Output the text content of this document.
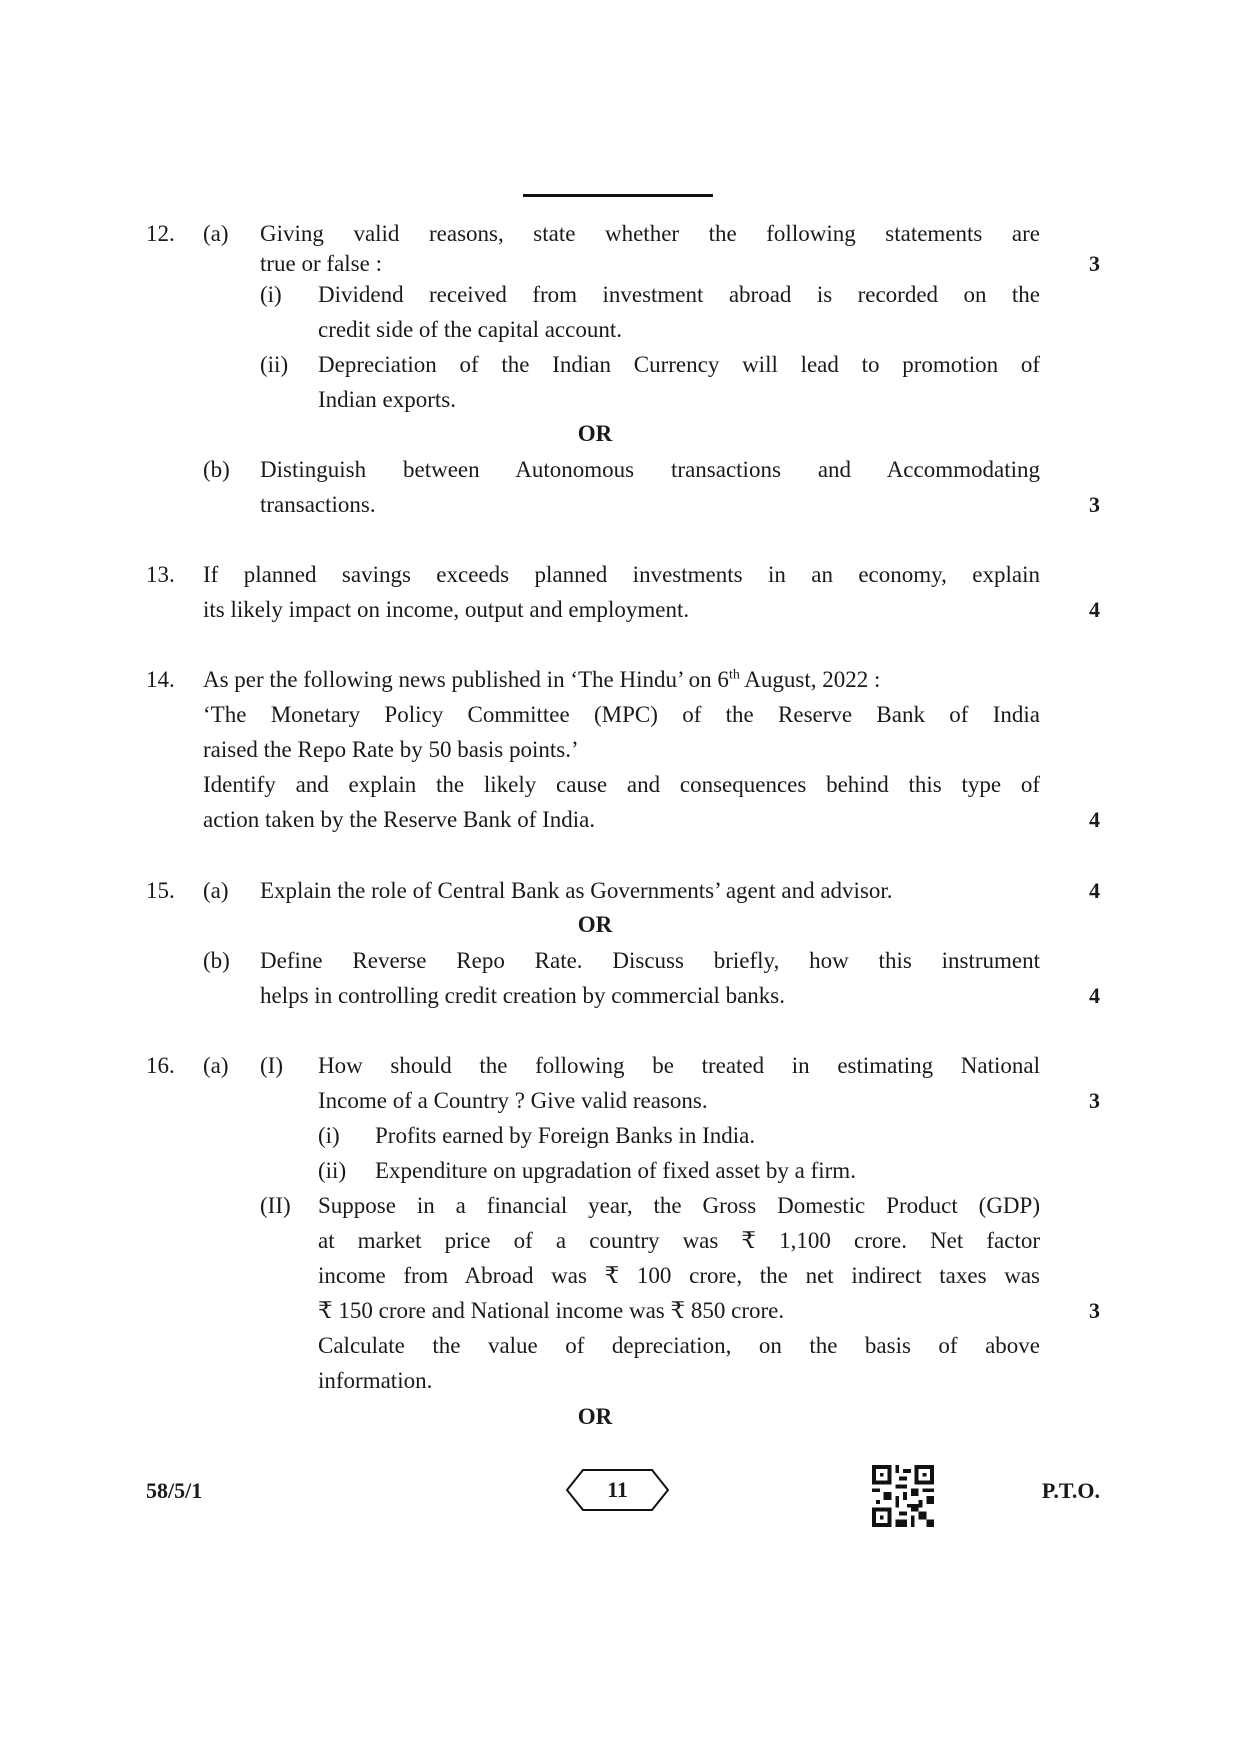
12. (a) Giving valid reasons, state whether the following statements are
true or false :	3
(i) Dividend received from investment abroad is recorded on the
credit side of the capital account.
(ii) Depreciation of the Indian Currency will lead to promotion of
Indian exports.
OR
(b) Distinguish between Autonomous transactions and Accommodating
transactions.	3
13. If planned savings exceeds planned investments in an economy, explain
its likely impact on income, output and employment.	4
14. As per the following news published in ‘The Hindu’ on 6th August, 2022 :
‘The Monetary Policy Committee (MPC) of the Reserve Bank of India
raised the Repo Rate by 50 basis points.’
Identify and explain the likely cause and consequences behind this type of
action taken by the Reserve Bank of India.	4
15. (a) Explain the role of Central Bank as Governments’ agent and advisor.	4
OR
(b) Define Reverse Repo Rate. Discuss briefly, how this instrument
helps in controlling credit creation by commercial banks.	4
16. (a) (I) How should the following be treated in estimating National
Income of a Country ? Give valid reasons.	3
(i) Profits earned by Foreign Banks in India.
(ii) Expenditure on upgradation of fixed asset by a firm.
(II) Suppose in a financial year, the Gross Domestic Product (GDP)
at market price of a country was ₹ 1,100 crore. Net factor
income from Abroad was ₹ 100 crore, the net indirect taxes was
₹ 150 crore and National income was ₹ 850 crore.	3
Calculate the value of depreciation, on the basis of above
information.
OR
58/5/1	11	P.T.O.
